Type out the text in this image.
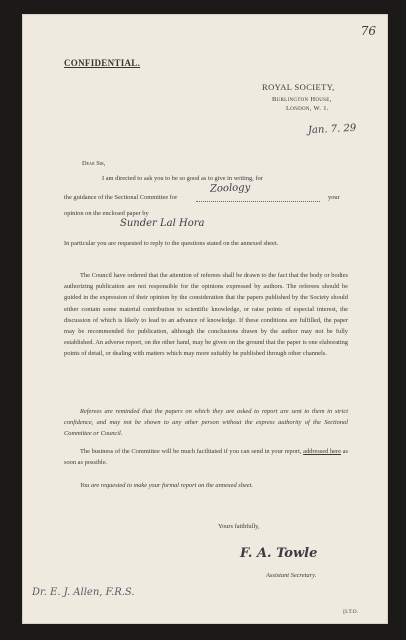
76

CONFIDENTIAL.

ROYAL SOCIETY,
Burlington House,
London, W. 1.
Jan. 7. 29

Dear Sir,

I am directed to ask you to be so good as to give in writing, for
the guidance of the Sectional Committee for
Zoology
your
opinion on the enclosed paper by
Sunder Lal Hora

In particular you are requested to reply to the questions stated on the annexed sheet.

The Council have ordered that the attention of referees shall be drawn to the fact that the body or bodies authorizing publication are not responsible for the opinions expressed by authors. The referees should be guided in the expression of their opinion by the consideration that the papers published by the Society should either contain some material contribution to scientific knowledge, or raise points of especial interest, the discussion of which is likely to lead to an advance of knowledge. If these conditions are fulfilled, the paper may be recommended for publication, although the conclusions drawn by the author may not be fully established. An adverse report, on the other hand, may be given on the ground that the paper is one elaborating points of detail, or dealing with matters which may more suitably be published through other channels.

Referees are reminded that the papers on which they are asked to report are sent to them in strict confidence, and may not be shown to any other person without the express authority of the Sectional Committee or Council.

The business of the Committee will be much facilitated if you can send in your report, addressed here as soon as possible.

You are requested to make your formal report on the annexed sheet.

Yours faithfully,

F. A. Towle

Assistant Secretary.

Dr. E. J. Allen, F.R.S.

[I.T.O.
